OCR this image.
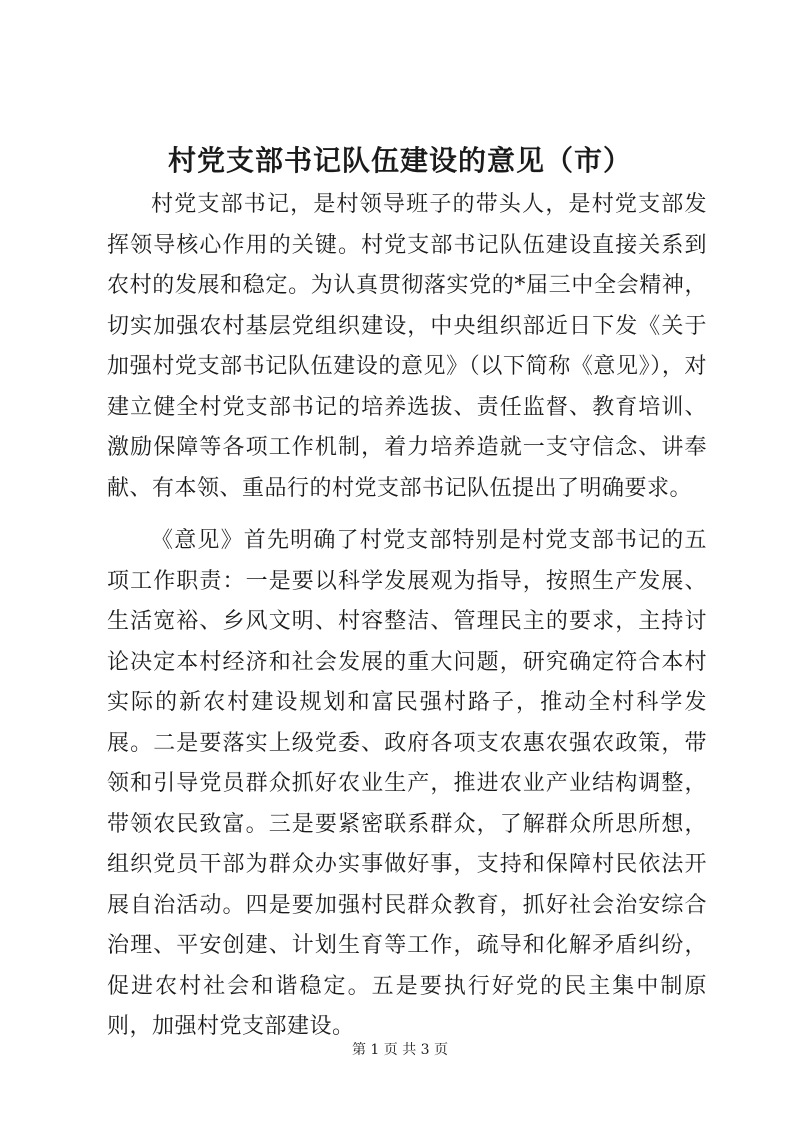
村党支部书记队伍建设的意见（市）

村党支部书记，是村领导班子的带头人，是村党支部发挥领导核心作用的关键。村党支部书记队伍建设直接关系到农村的发展和稳定。为认真贯彻落实党的*届三中全会精神，切实加强农村基层党组织建设，中央组织部近日下发《关于加强村党支部书记队伍建设的意见》（以下简称《意见》），对建立健全村党支部书记的培养选拔、责任监督、教育培训、激励保障等各项工作机制，着力培养造就一支守信念、讲奉献、有本领、重品行的村党支部书记队伍提出了明确要求。

《意见》首先明确了村党支部特别是村党支部书记的五项工作职责：一是要以科学发展观为指导，按照生产发展、生活宽裕、乡风文明、村容整洁、管理民主的要求，主持讨论决定本村经济和社会发展的重大问题，研究确定符合本村实际的新农村建设规划和富民强村路子，推动全村科学发展。二是要落实上级党委、政府各项支农惠农强农政策，带领和引导党员群众抓好农业生产，推进农业产业结构调整，带领农民致富。三是要紧密联系群众，了解群众所思所想，组织党员干部为群众办实事做好事，支持和保障村民依法开展自治活动。四是要加强村民群众教育，抓好社会治安综合治理、平安创建、计划生育等工作，疏导和化解矛盾纠纷，促进农村社会和谐稳定。五是要执行好党的民主集中制原则，加强村党支部建设。

第 1 页 共 3 页
